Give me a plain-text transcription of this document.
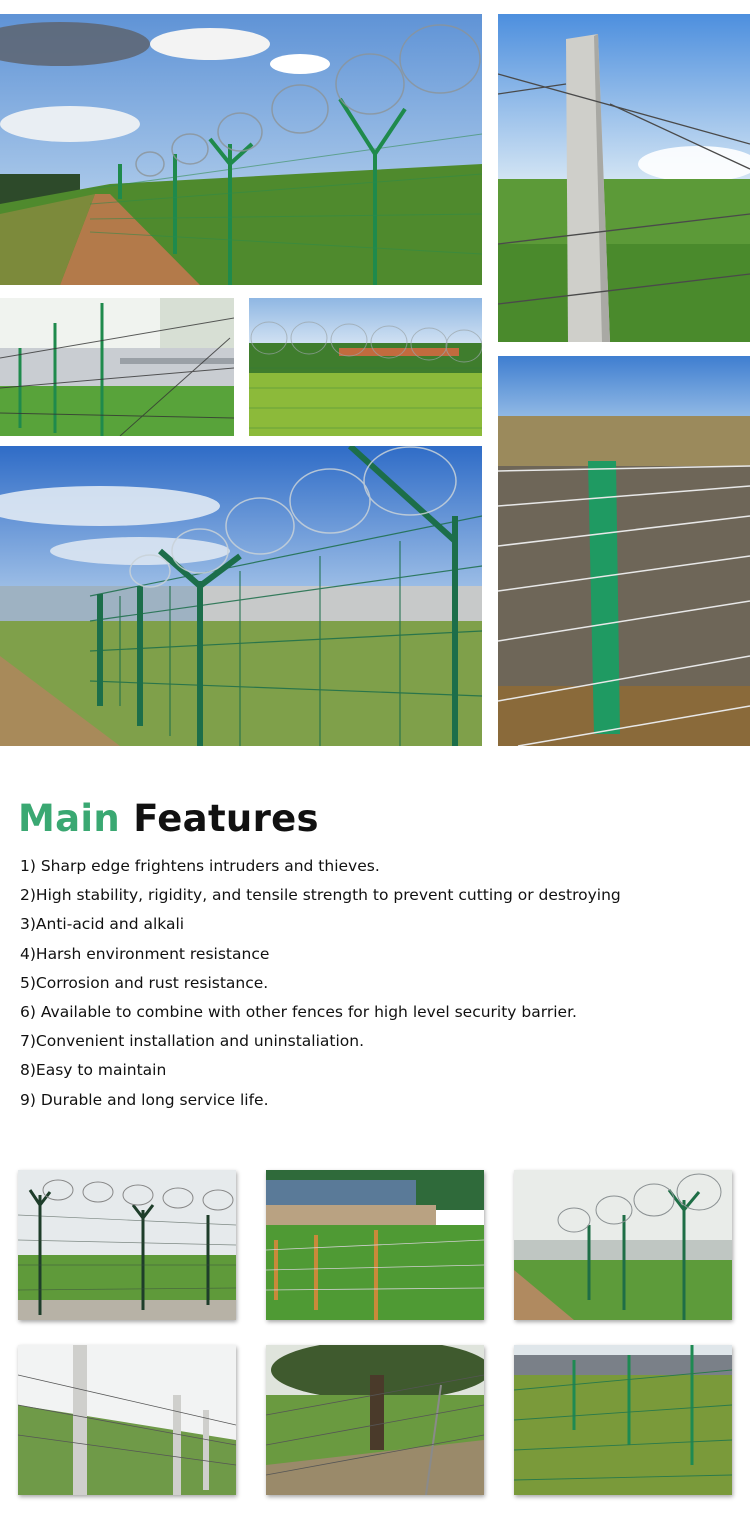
Main Features
1) Sharp edge frightens intruders and thieves.
2)High stability, rigidity, and tensile strength to prevent cutting or destroying
3)Anti-acid and alkali
4)Harsh environment resistance
5)Corrosion and rust resistance.
6) Available to combine with other fences for high level security barrier.
7)Convenient installation and uninstaliation.
8)Easy to maintain
9) Durable and long service life.
